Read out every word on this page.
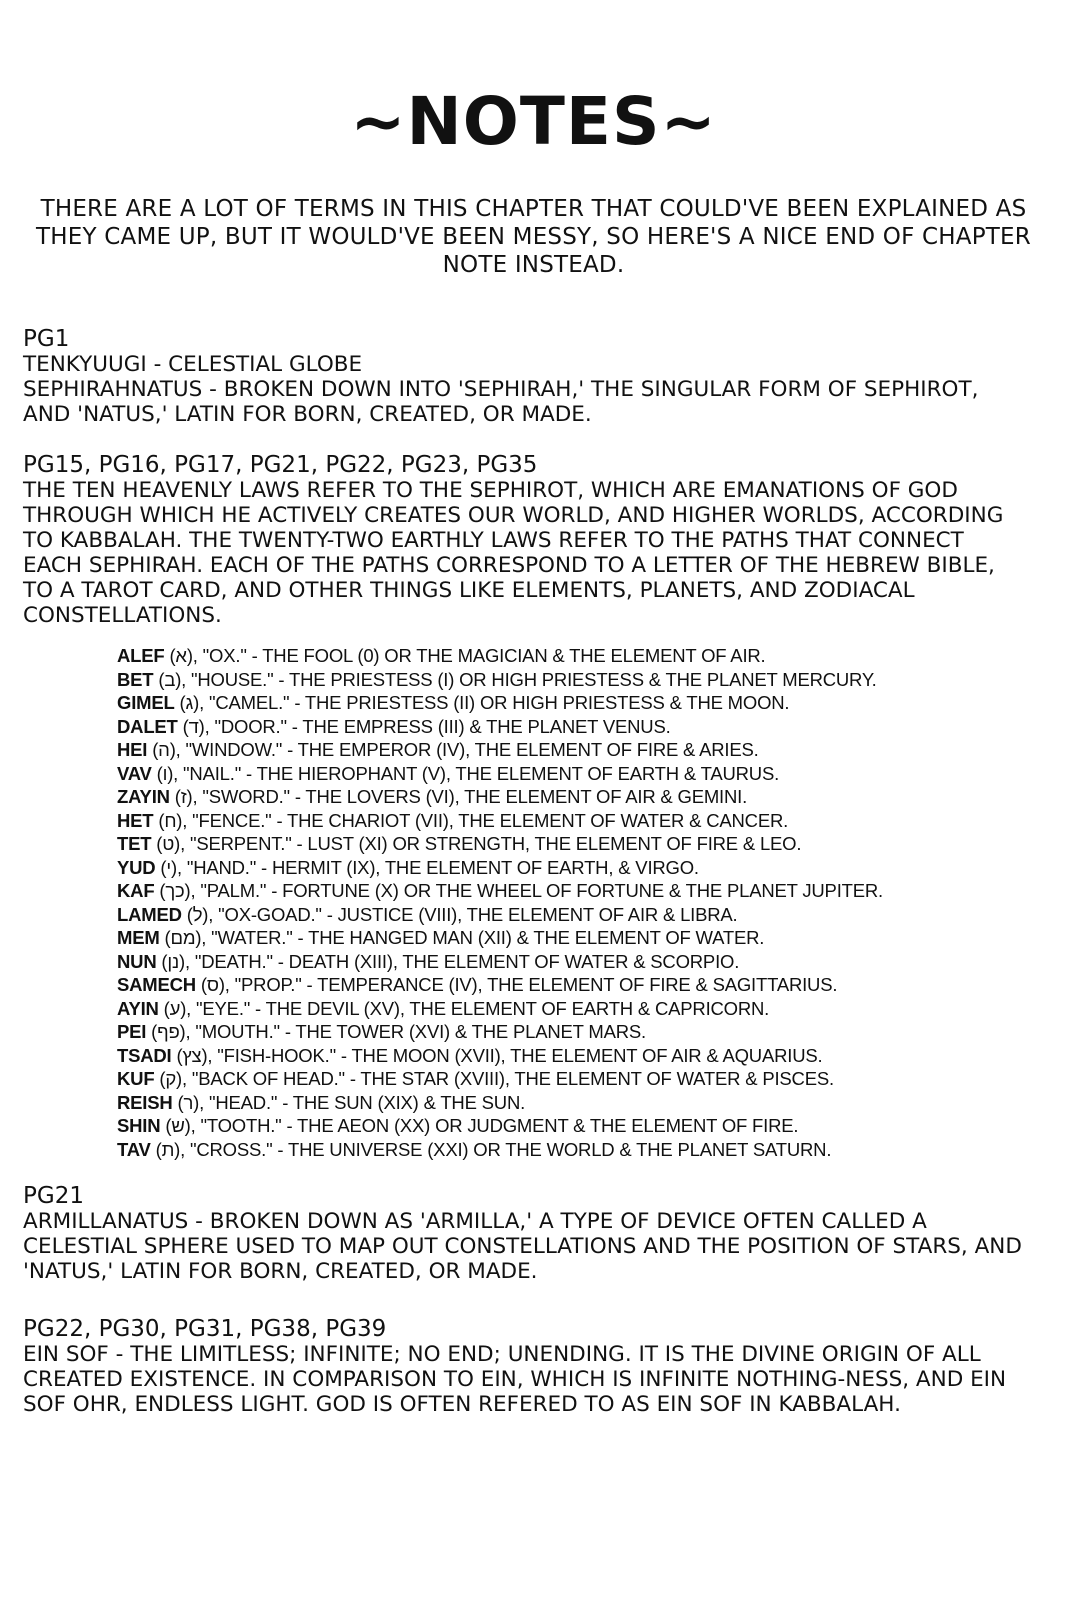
~NOTES~

THERE ARE A LOT OF TERMS IN THIS CHAPTER THAT COULD'VE BEEN EXPLAINED AS THEY CAME UP, BUT IT WOULD'VE BEEN MESSY, SO HERE'S A NICE END OF CHAPTER NOTE INSTEAD.

PG1
TENKYUUGI - CELESTIAL GLOBE
SEPHIRAHNATUS - BROKEN DOWN INTO 'SEPHIRAH,' THE SINGULAR FORM OF SEPHIROT, AND 'NATUS,' LATIN FOR BORN, CREATED, OR MADE.
PG15, PG16, PG17, PG21, PG22, PG23, PG35
THE TEN HEAVENLY LAWS REFER TO THE SEPHIROT, WHICH ARE EMANATIONS OF GOD THROUGH WHICH HE ACTIVELY CREATES OUR WORLD, AND HIGHER WORLDS, ACCORDING TO KABBALAH. THE TWENTY-TWO EARTHLY LAWS REFER TO THE PATHS THAT CONNECT EACH SEPHIRAH. EACH OF THE PATHS CORRESPOND TO A LETTER OF THE HEBREW BIBLE, TO A TAROT CARD, AND OTHER THINGS LIKE ELEMENTS, PLANETS, AND ZODIACAL CONSTELLATIONS.
ALEF (א), "OX." - THE FOOL (0) OR THE MAGICIAN & THE ELEMENT OF AIR.
BET (ב), "HOUSE." - THE PRIESTESS (I) OR HIGH PRIESTESS & THE PLANET MERCURY.
GIMEL (ג), "CAMEL." - THE PRIESTESS (II) OR HIGH PRIESTESS & THE MOON.
DALET (ד), "DOOR." - THE EMPRESS (III) & THE PLANET VENUS.
HEI (ה), "WINDOW." - THE EMPEROR (IV), THE ELEMENT OF FIRE & ARIES.
VAV (ו), "NAIL." - THE HIEROPHANT (V), THE ELEMENT OF EARTH & TAURUS.
ZAYIN (ז), "SWORD." - THE LOVERS (VI), THE ELEMENT OF AIR & GEMINI.
HET (ח), "FENCE." - THE CHARIOT (VII), THE ELEMENT OF WATER & CANCER.
TET (ט), "SERPENT." - LUST (XI) OR STRENGTH, THE ELEMENT OF FIRE & LEO.
YUD (י), "HAND." - HERMIT (IX), THE ELEMENT OF EARTH, & VIRGO.
KAF (כך), "PALM." - FORTUNE (X) OR THE WHEEL OF FORTUNE & THE PLANET JUPITER.
LAMED (ל), "OX-GOAD." - JUSTICE (VIII), THE ELEMENT OF AIR & LIBRA.
MEM (מם), "WATER." - THE HANGED MAN (XII) & THE ELEMENT OF WATER.
NUN (נן), "DEATH." - DEATH (XIII), THE ELEMENT OF WATER & SCORPIO.
SAMECH (ס), "PROP." - TEMPERANCE (IV), THE ELEMENT OF FIRE & SAGITTARIUS.
AYIN (ע), "EYE." - THE DEVIL (XV), THE ELEMENT OF EARTH & CAPRICORN.
PEI (פף), "MOUTH." - THE TOWER (XVI) & THE PLANET MARS.
TSADI (צץ), "FISH-HOOK." - THE MOON (XVII), THE ELEMENT OF AIR & AQUARIUS.
KUF (ק), "BACK OF HEAD." - THE STAR (XVIII), THE ELEMENT OF WATER & PISCES.
REISH (ר), "HEAD." - THE SUN (XIX) & THE SUN.
SHIN (ש), "TOOTH." - THE AEON (XX) OR JUDGMENT & THE ELEMENT OF FIRE.
TAV (ת), "CROSS." - THE UNIVERSE (XXI) OR THE WORLD & THE PLANET SATURN.
PG21
ARMILLANATUS - BROKEN DOWN AS 'ARMILLA,' A TYPE OF DEVICE OFTEN CALLED A CELESTIAL SPHERE USED TO MAP OUT CONSTELLATIONS AND THE POSITION OF STARS, AND 'NATUS,' LATIN FOR BORN, CREATED, OR MADE.
PG22, PG30, PG31, PG38, PG39
EIN SOF - THE LIMITLESS; INFINITE; NO END; UNENDING. IT IS THE DIVINE ORIGIN OF ALL CREATED EXISTENCE. IN COMPARISON TO EIN, WHICH IS INFINITE NOTHING-NESS, AND EIN SOF OHR, ENDLESS LIGHT. GOD IS OFTEN REFERED TO AS EIN SOF IN KABBALAH.
